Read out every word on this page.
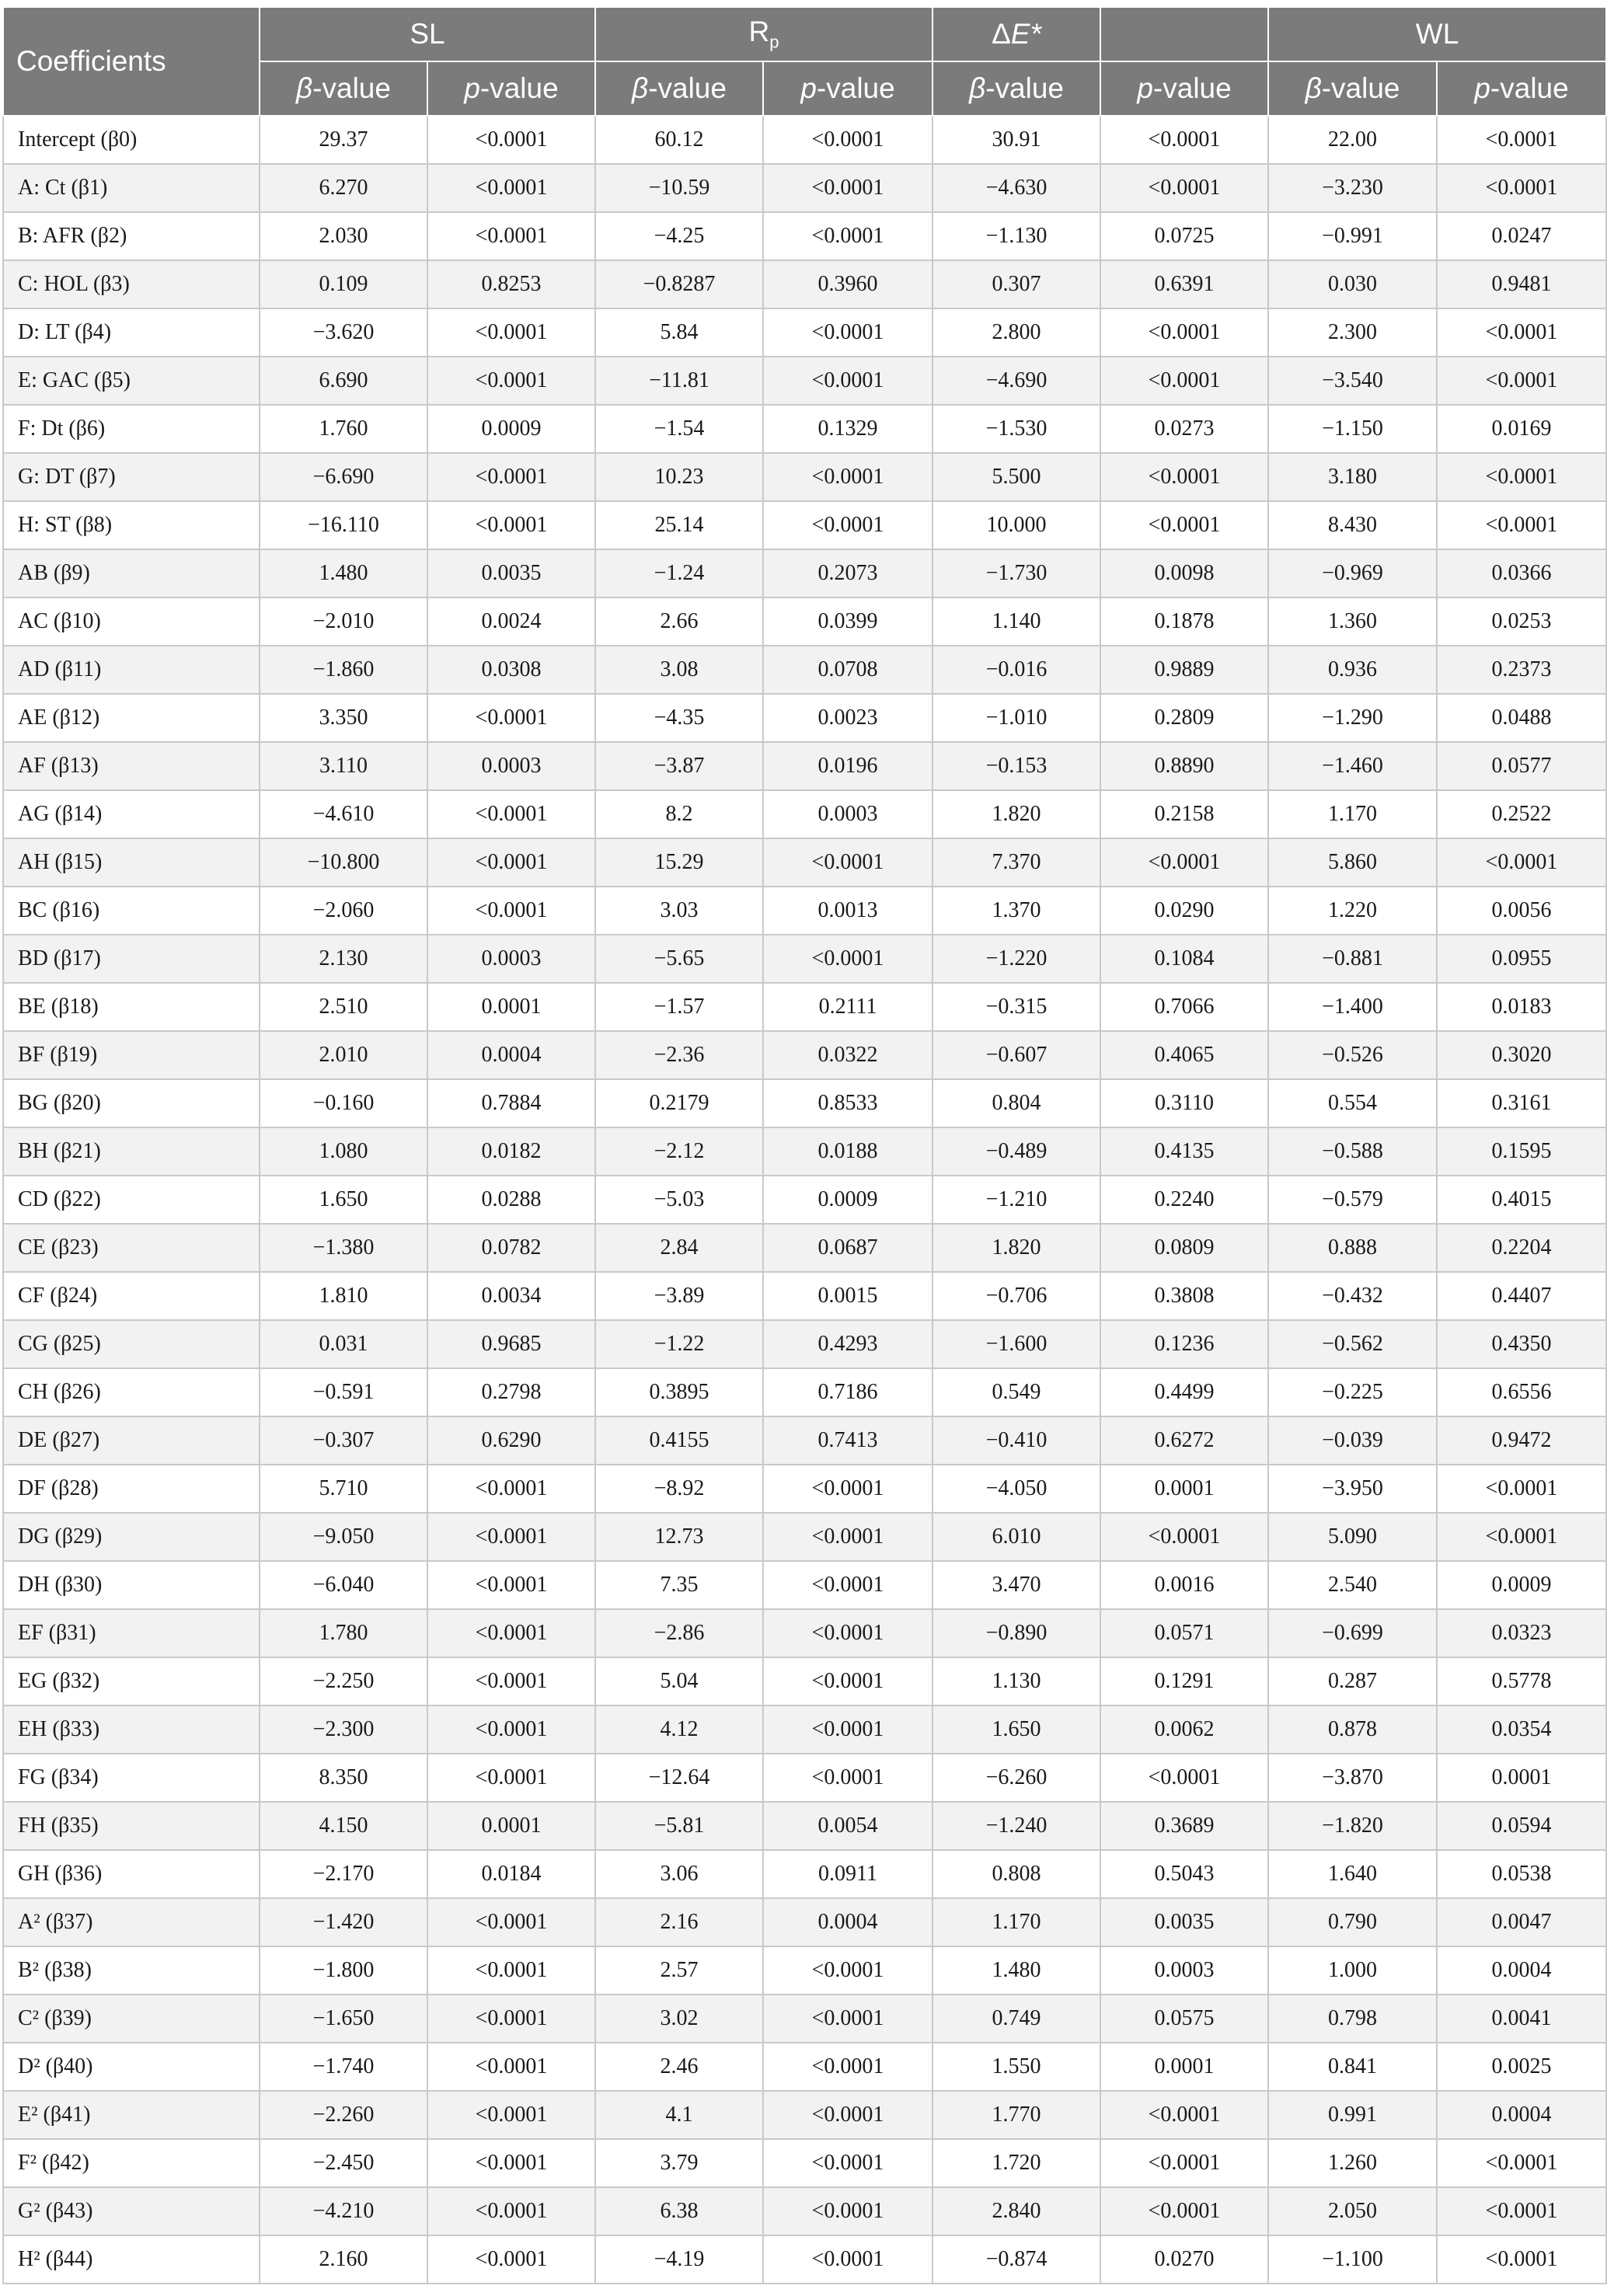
Coefficients	SL		$R_p$		ΔE*		WL	
	β-value	p-value	β-value	p-value	β-value	p-value	β-value	p-value
Intercept (β0)	29.37	<0.0001	60.12	<0.0001	30.91	<0.0001	22.00	<0.0001
A: Ct (β1)	6.270	<0.0001	−10.59	<0.0001	−4.630	<0.0001	−3.230	<0.0001
B: AFR (β2)	2.030	<0.0001	−4.25	<0.0001	−1.130	0.0725	−0.991	0.0247
C: HOL (β3)	0.109	0.8253	−0.8287	0.3960	0.307	0.6391	0.030	0.9481
D: LT (β4)	−3.620	<0.0001	5.84	<0.0001	2.800	<0.0001	2.300	<0.0001
E: GAC (β5)	6.690	<0.0001	−11.81	<0.0001	−4.690	<0.0001	−3.540	<0.0001
F: Dt (β6)	1.760	0.0009	−1.54	0.1329	−1.530	0.0273	−1.150	0.0169
G: DT (β7)	−6.690	<0.0001	10.23	<0.0001	5.500	<0.0001	3.180	<0.0001
H: ST (β8)	−16.110	<0.0001	25.14	<0.0001	10.000	<0.0001	8.430	<0.0001
AB (β9)	1.480	0.0035	−1.24	0.2073	−1.730	0.0098	−0.969	0.0366
AC (β10)	−2.010	0.0024	2.66	0.0399	1.140	0.1878	1.360	0.0253
AD (β11)	−1.860	0.0308	3.08	0.0708	−0.016	0.9889	0.936	0.2373
AE (β12)	3.350	<0.0001	−4.35	0.0023	−1.010	0.2809	−1.290	0.0488
AF (β13)	3.110	0.0003	−3.87	0.0196	−0.153	0.8890	−1.460	0.0577
AG (β14)	−4.610	<0.0001	8.2	0.0003	1.820	0.2158	1.170	0.2522
AH (β15)	−10.800	<0.0001	15.29	<0.0001	7.370	<0.0001	5.860	<0.0001
BC (β16)	−2.060	<0.0001	3.03	0.0013	1.370	0.0290	1.220	0.0056
BD (β17)	2.130	0.0003	−5.65	<0.0001	−1.220	0.1084	−0.881	0.0955
BE (β18)	2.510	0.0001	−1.57	0.2111	−0.315	0.7066	−1.400	0.0183
BF (β19)	2.010	0.0004	−2.36	0.0322	−0.607	0.4065	−0.526	0.3020
BG (β20)	−0.160	0.7884	0.2179	0.8533	0.804	0.3110	0.554	0.3161
BH (β21)	1.080	0.0182	−2.12	0.0188	−0.489	0.4135	−0.588	0.1595
CD (β22)	1.650	0.0288	−5.03	0.0009	−1.210	0.2240	−0.579	0.4015
CE (β23)	−1.380	0.0782	2.84	0.0687	1.820	0.0809	0.888	0.2204
CF (β24)	1.810	0.0034	−3.89	0.0015	−0.706	0.3808	−0.432	0.4407
CG (β25)	0.031	0.9685	−1.22	0.4293	−1.600	0.1236	−0.562	0.4350
CH (β26)	−0.591	0.2798	0.3895	0.7186	0.549	0.4499	−0.225	0.6556
DE (β27)	−0.307	0.6290	0.4155	0.7413	−0.410	0.6272	−0.039	0.9472
DF (β28)	5.710	<0.0001	−8.92	<0.0001	−4.050	0.0001	−3.950	<0.0001
DG (β29)	−9.050	<0.0001	12.73	<0.0001	6.010	<0.0001	5.090	<0.0001
DH (β30)	−6.040	<0.0001	7.35	<0.0001	3.470	0.0016	2.540	0.0009
EF (β31)	1.780	<0.0001	−2.86	<0.0001	−0.890	0.0571	−0.699	0.0323
EG (β32)	−2.250	<0.0001	5.04	<0.0001	1.130	0.1291	0.287	0.5778
EH (β33)	−2.300	<0.0001	4.12	<0.0001	1.650	0.0062	0.878	0.0354
FG (β34)	8.350	<0.0001	−12.64	<0.0001	−6.260	<0.0001	−3.870	0.0001
FH (β35)	4.150	0.0001	−5.81	0.0054	−1.240	0.3689	−1.820	0.0594
GH (β36)	−2.170	0.0184	3.06	0.0911	0.808	0.5043	1.640	0.0538
A² (β37)	−1.420	<0.0001	2.16	0.0004	1.170	0.0035	0.790	0.0047
B² (β38)	−1.800	<0.0001	2.57	<0.0001	1.480	0.0003	1.000	0.0004
C² (β39)	−1.650	<0.0001	3.02	<0.0001	0.749	0.0575	0.798	0.0041
D² (β40)	−1.740	<0.0001	2.46	<0.0001	1.550	0.0001	0.841	0.0025
E² (β41)	−2.260	<0.0001	4.1	<0.0001	1.770	<0.0001	0.991	0.0004
F² (β42)	−2.450	<0.0001	3.79	<0.0001	1.720	<0.0001	1.260	<0.0001
G² (β43)	−4.210	<0.0001	6.38	<0.0001	2.840	<0.0001	2.050	<0.0001
H² (β44)	2.160	<0.0001	−4.19	<0.0001	−0.874	0.0270	−1.100	<0.0001
